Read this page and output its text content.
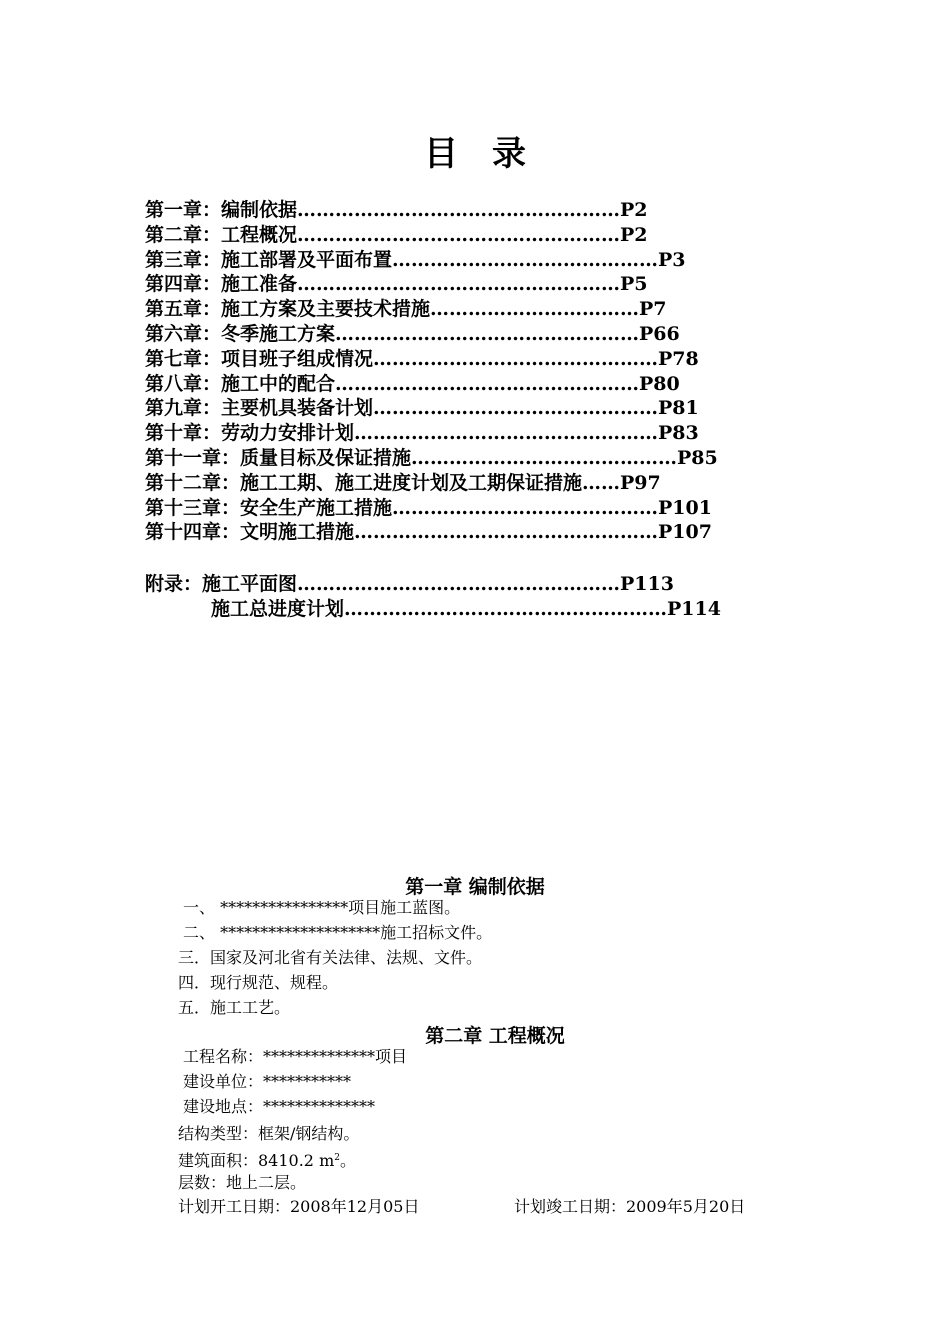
目录
第一章：编制依据……………………………………………P2
第二章：工程概况……………………………………………P2
第三章：施工部署及平面布置……………………………………P3
第四章：施工准备……………………………………………P5
第五章：施工方案及主要技术措施……………………………P7
第六章：冬季施工方案…………………………………………P66
第七章：项目班子组成情况………………………………………P78
第八章：施工中的配合…………………………………………P80
第九章：主要机具装备计划………………………………………P81
第十章：劳动力安排计划…………………………………………P83
第十一章：质量目标及保证措施……………………………………P85
第十二章：施工工期、施工进度计划及工期保证措施……P97
第十三章：安全生产施工措施……………………………………P101
第十四章：文明施工措施…………………………………………P107
附录：施工平面图……………………………………………P113
施工总进度计划……………………………………………P114
第一章 编制依据
一、 ****************项目施工蓝图。
二、 ********************施工招标文件。
三．国家及河北省有关法律、法规、文件。
四．现行规范、规程。
五．施工工艺。
第二章 工程概况
工程名称：**************项目
建设单位：***********
建设地点：**************
结构类型：框架/钢结构。
建筑面积：8410.2 $m^2$。
层数：地上二层。
计划开工日期：2008年12月05日	计划竣工日期：2009年5月20日
